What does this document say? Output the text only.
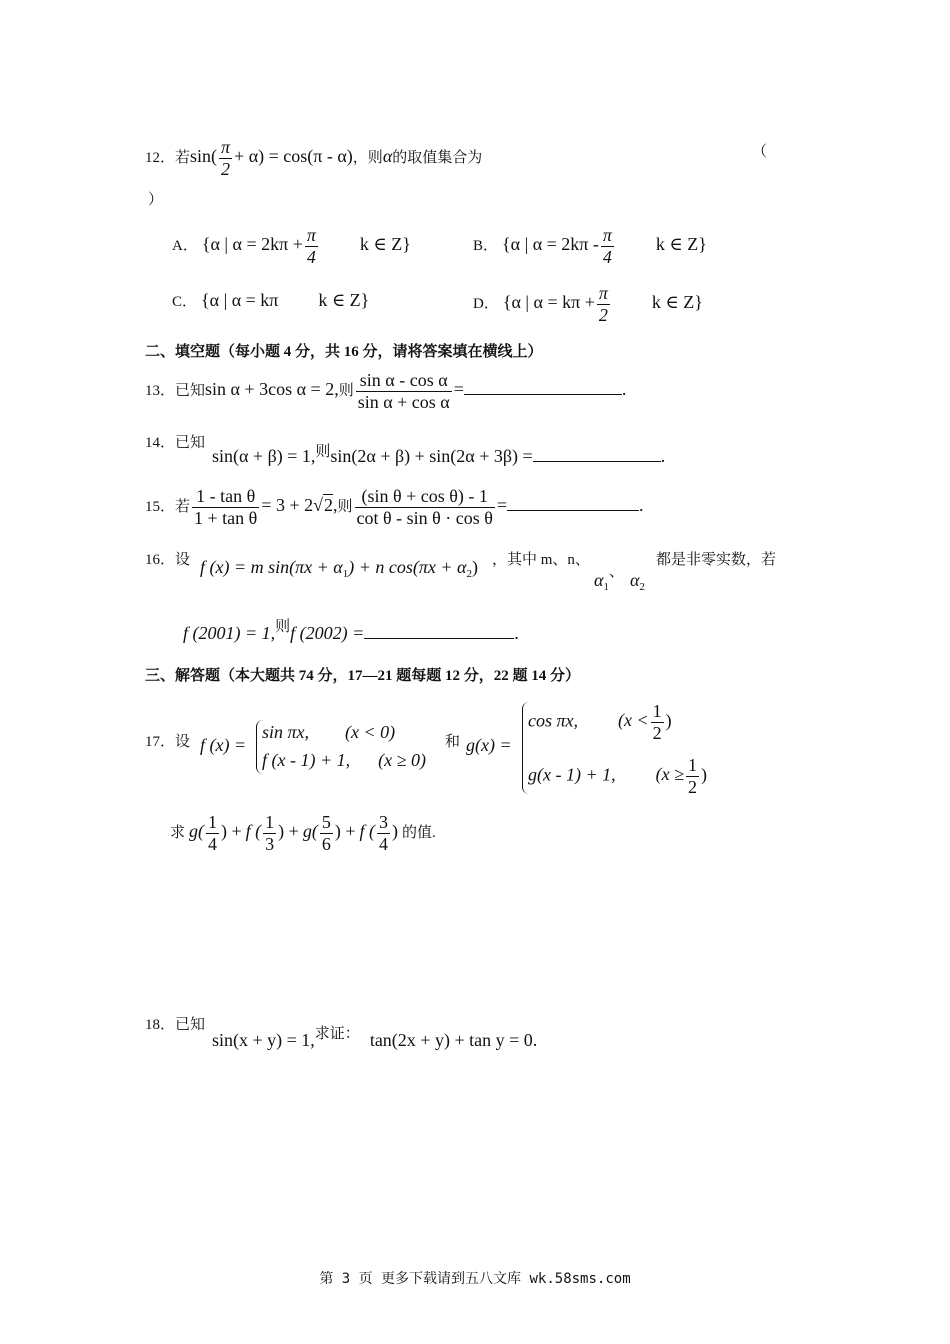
12．若$\sin( \frac{\pi}{2} + \alpha) = \cos(\pi - \alpha)$，则α的取值集合为	（
）
A． {α | $\alpha = 2k\pi + \frac{\pi}{4}$ k ∈ Z}	B． {α | $\alpha = 2k\pi - \frac{\pi}{4}$ k ∈ Z}
C． {α | α = kπ k ∈ Z}	D． {α | $\alpha = k\pi + \frac{\pi}{2}$ k ∈ Z}
二、填空题（每小题 4 分，共 16 分，请将答案填在横线上）
13．已知sin α + 3cos α = 2,则 $\frac{\text{sin α - cos α}}{\text{sin α + cos α}}$ =	.
14．已知
sin(α + β) = 1,则sin(2α + β) + sin(2α + 3β) =	.
15．若 $\frac{\text{1 - tan θ}}{\text{1 + tan θ}} = 3 + 2√2$,则 $\frac{\text{(sin θ + cos θ) - 1}}{\text{cot θ - sin θ · cos θ}}$ =	.
16．设 f (x) = m $\sin(\pi x + \alpha_1) + n$ $\cos(\pi x + \alpha_2)$ ，其中 m、n、
$\alpha_1$、 $\alpha_2$
都是非零实数，若
f (2001) = 1,则f (2002) =	.
三、解答题（本大题共 74 分，17—21 题每题 12 分，22 题 14 分）
17．设 f (x) =
sin πx, (x < 0)
f (x - 1) + 1, (x ≥ 0)
和 g(x) =
cos πx, ($x < \frac{1}{2}$ )
g(x - 1) + 1, ($x \ge \frac{1}{2}$ )
求 $g( \frac{1}{4}$ ) + f ( $\frac{1}{3}$ ) + $g( \frac{5}{6}$ ) + f ( $\frac{3}{4}$ ) 的值.
18．已知
sin(x + y) = 1,求证： tan(2x + y) + tan y = 0.
第 3 页 更多下载请到五八文库 wk.58sms.com
